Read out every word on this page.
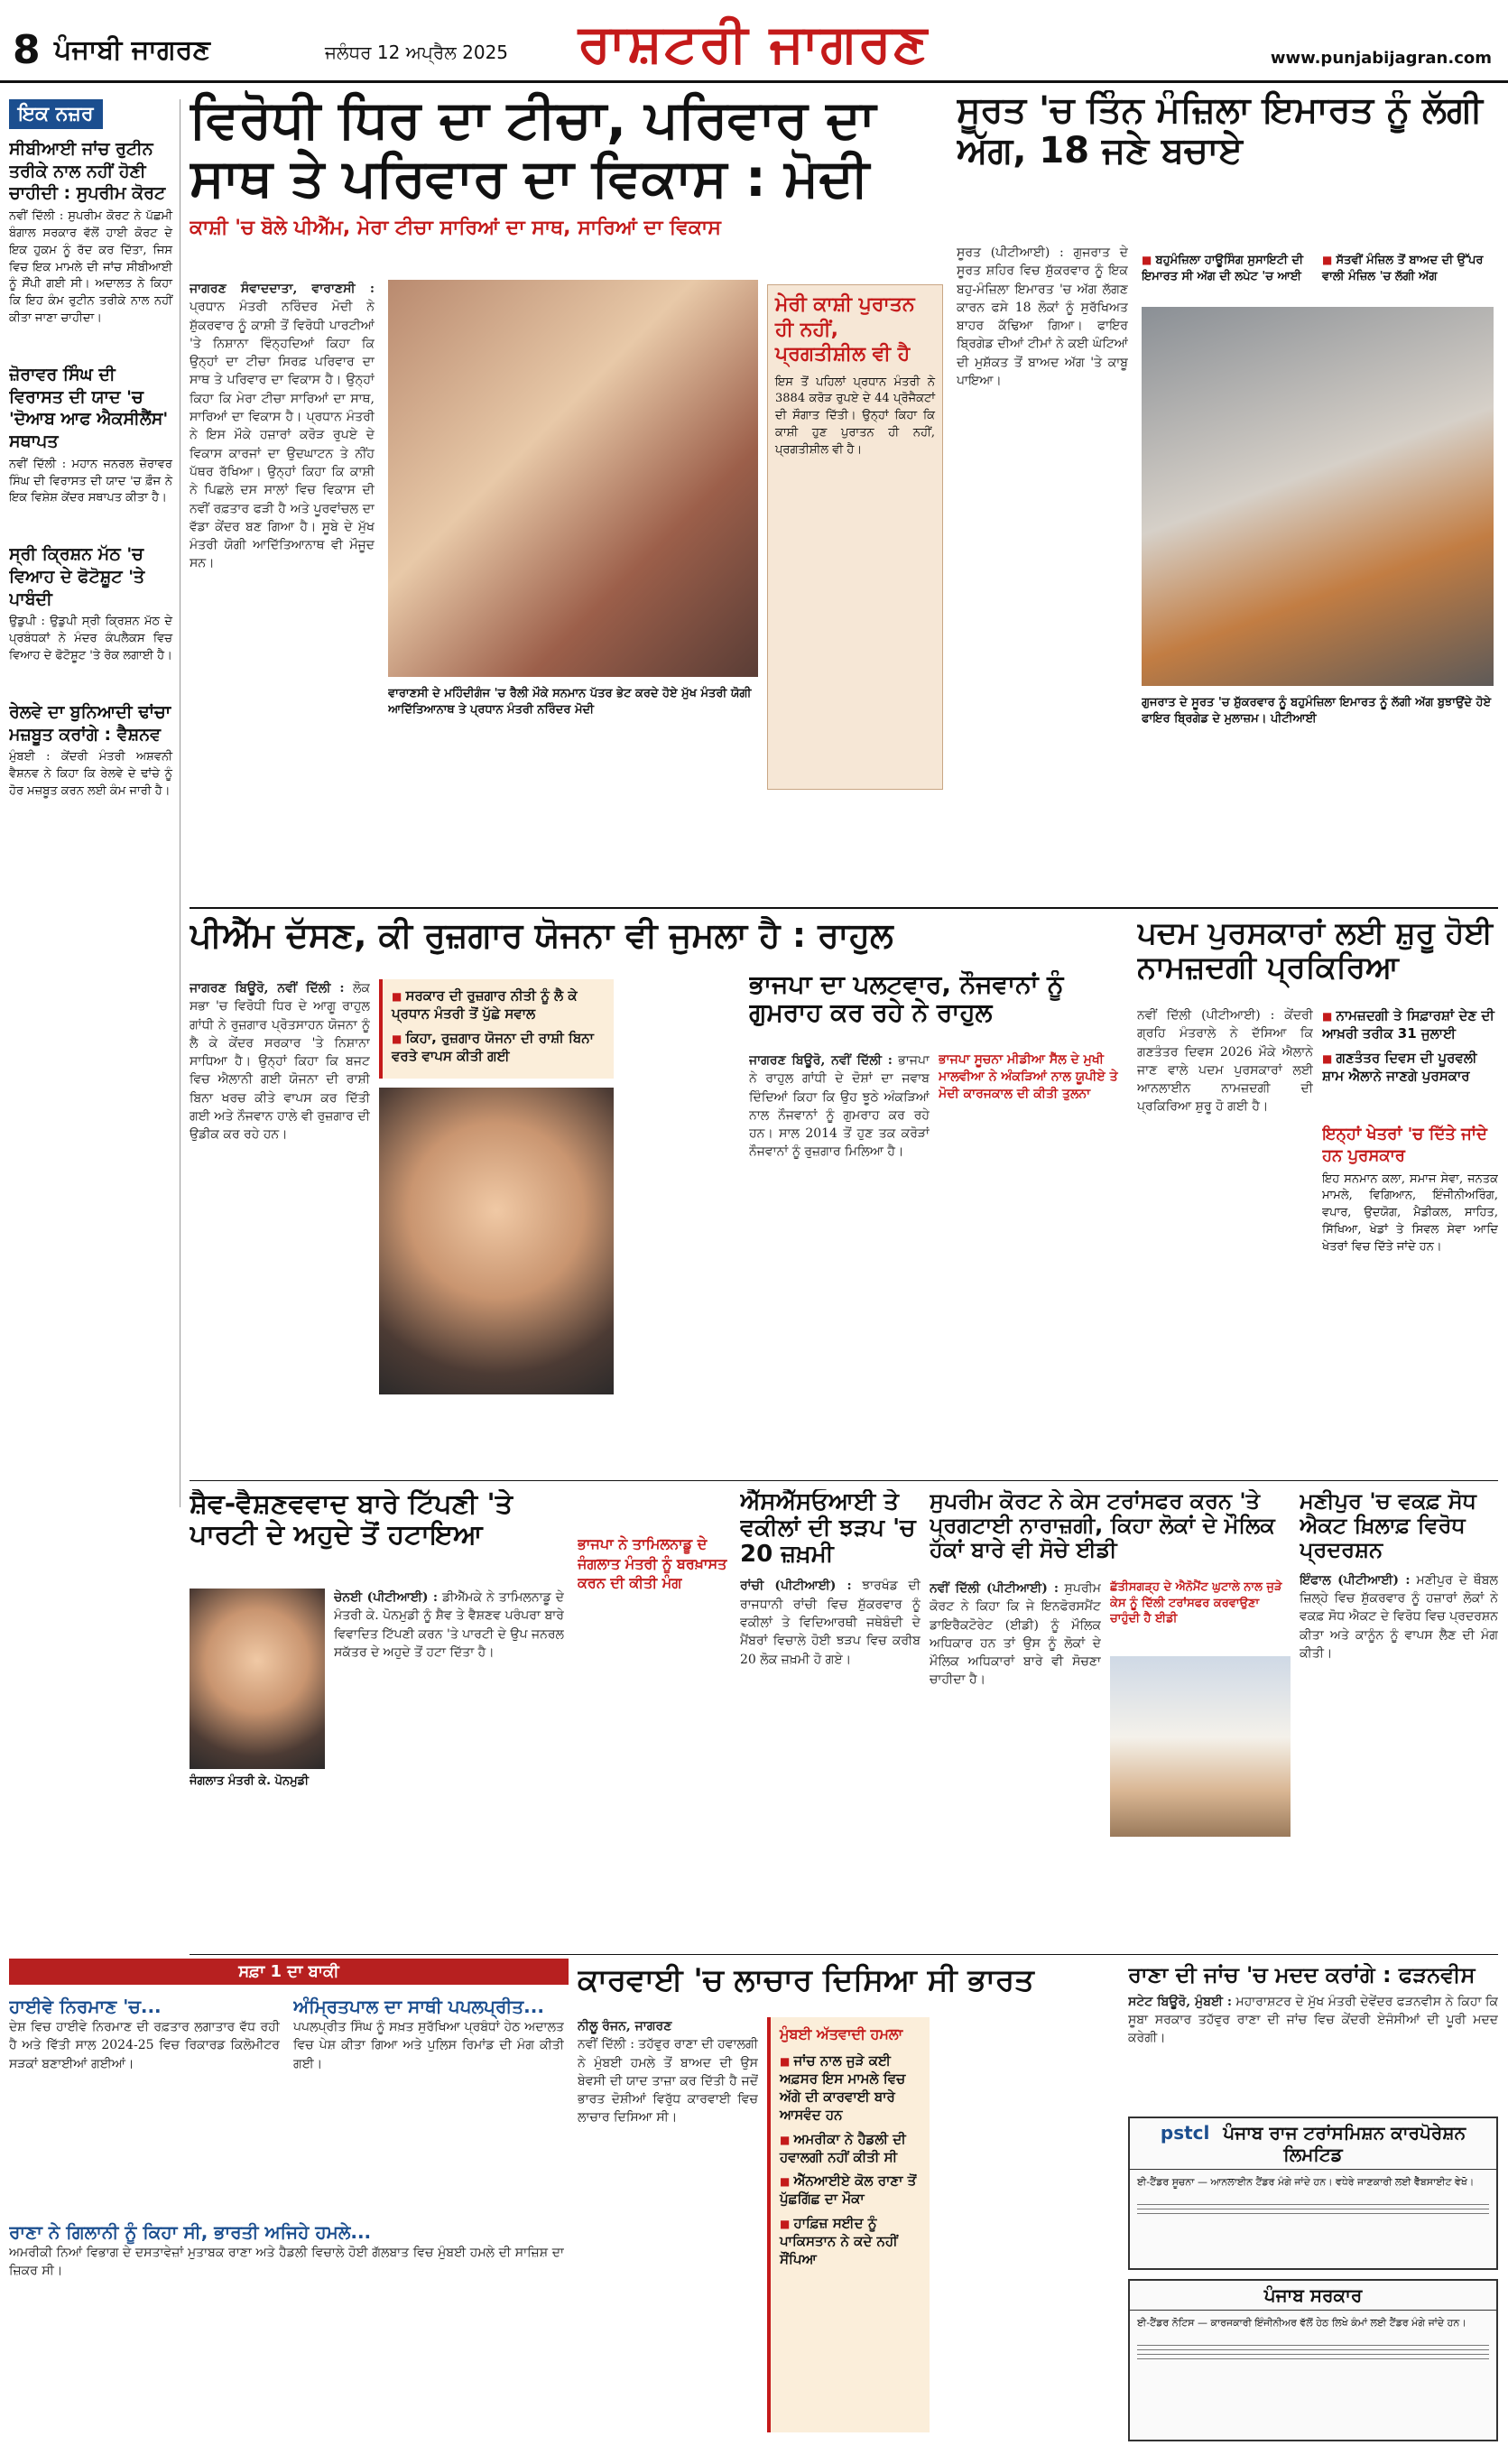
8 ਪੰਜਾਬੀ ਜਾਗਰਣ	ਜਲੰਧਰ 12 ਅਪ੍ਰੈਲ 2025	ਰਾਸ਼ਟਰੀ ਜਾਗਰਣ	www.punjabijagran.com
ਇਕ ਨਜ਼ਰ
ਸੀਬੀਆਈ ਜਾਂਚ ਰੁਟੀਨ ਤਰੀਕੇ ਨਾਲ ਨਹੀਂ ਹੋਣੀ ਚਾਹੀਦੀ : ਸੁਪਰੀਮ ਕੋਰਟ
ਨਵੀਂ ਦਿੱਲੀ : ਸੁਪਰੀਮ ਕੋਰਟ ਨੇ ਪੱਛਮੀ ਬੰਗਾਲ ਸਰਕਾਰ ਵੱਲੋਂ ਹਾਈ ਕੋਰਟ ਦੇ ਇਕ ਹੁਕਮ ਨੂੰ ਰੱਦ ਕਰ ਦਿੱਤਾ, ਜਿਸ ਵਿਚ ਇਕ ਮਾਮਲੇ ਦੀ ਜਾਂਚ ਸੀਬੀਆਈ ਨੂੰ ਸੌਂਪੀ ਗਈ ਸੀ। ਅਦਾਲਤ ਨੇ ਕਿਹਾ ਕਿ ਇਹ ਕੰਮ ਰੁਟੀਨ ਤਰੀਕੇ ਨਾਲ ਨਹੀਂ ਕੀਤਾ ਜਾਣਾ ਚਾਹੀਦਾ।
ਜ਼ੋਰਾਵਰ ਸਿੰਘ ਦੀ ਵਿਰਾਸਤ ਦੀ ਯਾਦ 'ਚ 'ਦੋਆਬ ਆਫ ਐਕਸੀਲੈਂਸ' ਸਥਾਪਤ
ਨਵੀਂ ਦਿੱਲੀ : ਮਹਾਨ ਜਨਰਲ ਜ਼ੋਰਾਵਰ ਸਿੰਘ ਦੀ ਵਿਰਾਸਤ ਦੀ ਯਾਦ 'ਚ ਫ਼ੌਜ ਨੇ ਇਕ ਵਿਸ਼ੇਸ਼ ਕੇਂਦਰ ਸਥਾਪਤ ਕੀਤਾ ਹੈ।
ਸ੍ਰੀ ਕ੍ਰਿਸ਼ਨ ਮੱਠ 'ਚ ਵਿਆਹ ਦੇ ਫੋਟੋਸ਼ੂਟ 'ਤੇ ਪਾਬੰਦੀ
ਉਡੁਪੀ : ਉਡੁਪੀ ਸ੍ਰੀ ਕ੍ਰਿਸ਼ਨ ਮੱਠ ਦੇ ਪ੍ਰਬੰਧਕਾਂ ਨੇ ਮੰਦਰ ਕੰਪਲੈਕਸ ਵਿਚ ਵਿਆਹ ਦੇ ਫੋਟੋਸ਼ੂਟ 'ਤੇ ਰੋਕ ਲਗਾਈ ਹੈ।
ਰੇਲਵੇ ਦਾ ਬੁਨਿਆਦੀ ਢਾਂਚਾ ਮਜ਼ਬੂਤ ਕਰਾਂਗੇ : ਵੈਸ਼ਨਵ
ਮੁੰਬਈ : ਕੇਂਦਰੀ ਮੰਤਰੀ ਅਸ਼ਵਨੀ ਵੈਸ਼ਨਵ ਨੇ ਕਿਹਾ ਕਿ ਰੇਲਵੇ ਦੇ ਢਾਂਚੇ ਨੂੰ ਹੋਰ ਮਜ਼ਬੂਤ ਕਰਨ ਲਈ ਕੰਮ ਜਾਰੀ ਹੈ।
ਵਿਰੋਧੀ ਧਿਰ ਦਾ ਟੀਚਾ, ਪਰਿਵਾਰ ਦਾ ਸਾਥ ਤੇ ਪਰਿਵਾਰ ਦਾ ਵਿਕਾਸ : ਮੋਦੀ
ਕਾਸ਼ੀ 'ਚ ਬੋਲੇ ਪੀਐੱਮ, ਮੇਰਾ ਟੀਚਾ ਸਾਰਿਆਂ ਦਾ ਸਾਥ, ਸਾਰਿਆਂ ਦਾ ਵਿਕਾਸ
ਜਾਗਰਣ ਸੰਵਾਦਦਾਤਾ, ਵਾਰਾਣਸੀ : ਪ੍ਰਧਾਨ ਮੰਤਰੀ ਨਰਿੰਦਰ ਮੋਦੀ ਨੇ ਸ਼ੁੱਕਰਵਾਰ ਨੂੰ ਕਾਸ਼ੀ ਤੋਂ ਵਿਰੋਧੀ ਪਾਰਟੀਆਂ 'ਤੇ ਨਿਸ਼ਾਨਾ ਵਿੰਨ੍ਹਦਿਆਂ ਕਿਹਾ ਕਿ ਉਨ੍ਹਾਂ ਦਾ ਟੀਚਾ ਸਿਰਫ਼ ਪਰਿਵਾਰ ਦਾ ਸਾਥ ਤੇ ਪਰਿਵਾਰ ਦਾ ਵਿਕਾਸ ਹੈ। ਉਨ੍ਹਾਂ ਕਿਹਾ ਕਿ ਮੇਰਾ ਟੀਚਾ ਸਾਰਿਆਂ ਦਾ ਸਾਥ, ਸਾਰਿਆਂ ਦਾ ਵਿਕਾਸ ਹੈ। ਪ੍ਰਧਾਨ ਮੰਤਰੀ ਨੇ ਇਸ ਮੌਕੇ ਹਜ਼ਾਰਾਂ ਕਰੋੜ ਰੁਪਏ ਦੇ ਵਿਕਾਸ ਕਾਰਜਾਂ ਦਾ ਉਦਘਾਟਨ ਤੇ ਨੀਂਹ ਪੱਥਰ ਰੱਖਿਆ। ਉਨ੍ਹਾਂ ਕਿਹਾ ਕਿ ਕਾਸ਼ੀ ਨੇ ਪਿਛਲੇ ਦਸ ਸਾਲਾਂ ਵਿਚ ਵਿਕਾਸ ਦੀ ਨਵੀਂ ਰਫ਼ਤਾਰ ਫੜੀ ਹੈ ਅਤੇ ਪੂਰਵਾਂਚਲ ਦਾ ਵੱਡਾ ਕੇਂਦਰ ਬਣ ਗਿਆ ਹੈ। ਸੂਬੇ ਦੇ ਮੁੱਖ ਮੰਤਰੀ ਯੋਗੀ ਆਦਿੱਤਿਆਨਾਥ ਵੀ ਮੌਜੂਦ ਸਨ।
ਵਾਰਾਣਸੀ ਦੇ ਮਹਿੰਦੀਗੰਜ 'ਚ ਰੈਲੀ ਮੌਕੇ ਸਨਮਾਨ ਪੱਤਰ ਭੇਟ ਕਰਦੇ ਹੋਏ ਮੁੱਖ ਮੰਤਰੀ ਯੋਗੀ ਆਦਿੱਤਿਆਨਾਥ ਤੇ ਪ੍ਰਧਾਨ ਮੰਤਰੀ ਨਰਿੰਦਰ ਮੋਦੀ
ਮੇਰੀ ਕਾਸ਼ੀ ਪੁਰਾਤਨ ਹੀ ਨਹੀਂ, ਪ੍ਰਗਤੀਸ਼ੀਲ ਵੀ ਹੈ
ਇਸ ਤੋਂ ਪਹਿਲਾਂ ਪ੍ਰਧਾਨ ਮੰਤਰੀ ਨੇ 3884 ਕਰੋੜ ਰੁਪਏ ਦੇ 44 ਪ੍ਰੋਜੈਕਟਾਂ ਦੀ ਸੌਗਾਤ ਦਿੱਤੀ। ਉਨ੍ਹਾਂ ਕਿਹਾ ਕਿ ਕਾਸ਼ੀ ਹੁਣ ਪੁਰਾਤਨ ਹੀ ਨਹੀਂ, ਪ੍ਰਗਤੀਸ਼ੀਲ ਵੀ ਹੈ।
ਸੂਰਤ 'ਚ ਤਿੰਨ ਮੰਜ਼ਿਲਾ ਇਮਾਰਤ ਨੂੰ ਲੱਗੀ ਅੱਗ, 18 ਜਣੇ ਬਚਾਏ
ਸੂਰਤ (ਪੀਟੀਆਈ) : ਗੁਜਰਾਤ ਦੇ ਸੂਰਤ ਸ਼ਹਿਰ ਵਿਚ ਸ਼ੁੱਕਰਵਾਰ ਨੂੰ ਇਕ ਬਹੁ-ਮੰਜ਼ਿਲਾ ਇਮਾਰਤ 'ਚ ਅੱਗ ਲੱਗਣ ਕਾਰਨ ਫਸੇ 18 ਲੋਕਾਂ ਨੂੰ ਸੁਰੱਖਿਅਤ ਬਾਹਰ ਕੱਢਿਆ ਗਿਆ। ਫਾਇਰ ਬ੍ਰਿਗੇਡ ਦੀਆਂ ਟੀਮਾਂ ਨੇ ਕਈ ਘੰਟਿਆਂ ਦੀ ਮੁਸ਼ੱਕਤ ਤੋਂ ਬਾਅਦ ਅੱਗ 'ਤੇ ਕਾਬੂ ਪਾਇਆ।
■ ਬਹੁਮੰਜ਼ਿਲਾ ਹਾਊਸਿੰਗ ਸੁਸਾਇਟੀ ਦੀ ਇਮਾਰਤ ਸੀ ਅੱਗ ਦੀ ਲਪੇਟ 'ਚ ਆਈ
■ ਸੱਤਵੀਂ ਮੰਜ਼ਿਲ ਤੋਂ ਬਾਅਦ ਦੀ ਉੱਪਰ ਵਾਲੀ ਮੰਜ਼ਿਲ 'ਚ ਲੱਗੀ ਅੱਗ
ਗੁਜਰਾਤ ਦੇ ਸੂਰਤ 'ਚ ਸ਼ੁੱਕਰਵਾਰ ਨੂੰ ਬਹੁਮੰਜ਼ਿਲਾ ਇਮਾਰਤ ਨੂੰ ਲੱਗੀ ਅੱਗ ਬੁਝਾਉਂਦੇ ਹੋਏ ਫਾਇਰ ਬ੍ਰਿਗੇਡ ਦੇ ਮੁਲਾਜ਼ਮ। ਪੀਟੀਆਈ
ਪੀਐੱਮ ਦੱਸਣ, ਕੀ ਰੁਜ਼ਗਾਰ ਯੋਜਨਾ ਵੀ ਜੁਮਲਾ ਹੈ : ਰਾਹੁਲ
ਜਾਗਰਣ ਬਿਊਰੋ, ਨਵੀਂ ਦਿੱਲੀ : ਲੋਕ ਸਭਾ 'ਚ ਵਿਰੋਧੀ ਧਿਰ ਦੇ ਆਗੂ ਰਾਹੁਲ ਗਾਂਧੀ ਨੇ ਰੁਜ਼ਗਾਰ ਪ੍ਰੋਤਸਾਹਨ ਯੋਜਨਾ ਨੂੰ ਲੈ ਕੇ ਕੇਂਦਰ ਸਰਕਾਰ 'ਤੇ ਨਿਸ਼ਾਨਾ ਸਾਧਿਆ ਹੈ। ਉਨ੍ਹਾਂ ਕਿਹਾ ਕਿ ਬਜਟ ਵਿਚ ਐਲਾਨੀ ਗਈ ਯੋਜਨਾ ਦੀ ਰਾਸ਼ੀ ਬਿਨਾ ਖਰਚ ਕੀਤੇ ਵਾਪਸ ਕਰ ਦਿੱਤੀ ਗਈ ਅਤੇ ਨੌਜਵਾਨ ਹਾਲੇ ਵੀ ਰੁਜ਼ਗਾਰ ਦੀ ਉਡੀਕ ਕਰ ਰਹੇ ਹਨ।
■ ਸਰਕਾਰ ਦੀ ਰੁਜ਼ਗਾਰ ਨੀਤੀ ਨੂੰ ਲੈ ਕੇ ਪ੍ਰਧਾਨ ਮੰਤਰੀ ਤੋਂ ਪੁੱਛੇ ਸਵਾਲ
■ ਕਿਹਾ, ਰੁਜ਼ਗਾਰ ਯੋਜਨਾ ਦੀ ਰਾਸ਼ੀ ਬਿਨਾ ਵਰਤੇ ਵਾਪਸ ਕੀਤੀ ਗਈ
ਭਾਜਪਾ ਦਾ ਪਲਟਵਾਰ, ਨੌਜਵਾਨਾਂ ਨੂੰ ਗੁਮਰਾਹ ਕਰ ਰਹੇ ਨੇ ਰਾਹੁਲ
ਜਾਗਰਣ ਬਿਊਰੋ, ਨਵੀਂ ਦਿੱਲੀ : ਭਾਜਪਾ ਨੇ ਰਾਹੁਲ ਗਾਂਧੀ ਦੇ ਦੋਸ਼ਾਂ ਦਾ ਜਵਾਬ ਦਿੰਦਿਆਂ ਕਿਹਾ ਕਿ ਉਹ ਝੂਠੇ ਅੰਕੜਿਆਂ ਨਾਲ ਨੌਜਵਾਨਾਂ ਨੂੰ ਗੁਮਰਾਹ ਕਰ ਰਹੇ ਹਨ। ਸਾਲ 2014 ਤੋਂ ਹੁਣ ਤਕ ਕਰੋੜਾਂ ਨੌਜਵਾਨਾਂ ਨੂੰ ਰੁਜ਼ਗਾਰ ਮਿਲਿਆ ਹੈ।
ਭਾਜਪਾ ਸੂਚਨਾ ਮੀਡੀਆ ਸੈੱਲ ਦੇ ਮੁਖੀ ਮਾਲਵੀਆ ਨੇ ਅੰਕੜਿਆਂ ਨਾਲ ਯੂਪੀਏ ਤੇ ਮੋਦੀ ਕਾਰਜਕਾਲ ਦੀ ਕੀਤੀ ਤੁਲਨਾ
ਪਦਮ ਪੁਰਸਕਾਰਾਂ ਲਈ ਸ਼ੁਰੂ ਹੋਈ ਨਾਮਜ਼ਦਗੀ ਪ੍ਰਕਿਰਿਆ
ਨਵੀਂ ਦਿੱਲੀ (ਪੀਟੀਆਈ) : ਕੇਂਦਰੀ ਗ੍ਰਹਿ ਮੰਤਰਾਲੇ ਨੇ ਦੱਸਿਆ ਕਿ ਗਣਤੰਤਰ ਦਿਵਸ 2026 ਮੌਕੇ ਐਲਾਨੇ ਜਾਣ ਵਾਲੇ ਪਦਮ ਪੁਰਸਕਾਰਾਂ ਲਈ ਆਨਲਾਈਨ ਨਾਮਜ਼ਦਗੀ ਦੀ ਪ੍ਰਕਿਰਿਆ ਸ਼ੁਰੂ ਹੋ ਗਈ ਹੈ।
■ ਨਾਮਜ਼ਦਗੀ ਤੇ ਸਿਫ਼ਾਰਸ਼ਾਂ ਦੇਣ ਦੀ ਆਖ਼ਰੀ ਤਰੀਕ 31 ਜੁਲਾਈ
■ ਗਣਤੰਤਰ ਦਿਵਸ ਦੀ ਪੂਰਵਲੀ ਸ਼ਾਮ ਐਲਾਨੇ ਜਾਣਗੇ ਪੁਰਸਕਾਰ
ਇਨ੍ਹਾਂ ਖੇਤਰਾਂ 'ਚ ਦਿੱਤੇ ਜਾਂਦੇ ਹਨ ਪੁਰਸਕਾਰ
ਇਹ ਸਨਮਾਨ ਕਲਾ, ਸਮਾਜ ਸੇਵਾ, ਜਨਤਕ ਮਾਮਲੇ, ਵਿਗਿਆਨ, ਇੰਜੀਨੀਅਰਿੰਗ, ਵਪਾਰ, ਉਦਯੋਗ, ਮੈਡੀਕਲ, ਸਾਹਿਤ, ਸਿੱਖਿਆ, ਖੇਡਾਂ ਤੇ ਸਿਵਲ ਸੇਵਾ ਆਦਿ ਖੇਤਰਾਂ ਵਿਚ ਦਿੱਤੇ ਜਾਂਦੇ ਹਨ।
ਸ਼ੈਵ-ਵੈਸ਼ਣਵਵਾਦ ਬਾਰੇ ਟਿੱਪਣੀ 'ਤੇ ਪਾਰਟੀ ਦੇ ਅਹੁਦੇ ਤੋਂ ਹਟਾਇਆ
ਜੰਗਲਾਤ ਮੰਤਰੀ ਕੇ. ਪੋਨਮੁਡੀ
ਚੇਨਈ (ਪੀਟੀਆਈ) : ਡੀਐੱਮਕੇ ਨੇ ਤਾਮਿਲਨਾਡੂ ਦੇ ਮੰਤਰੀ ਕੇ. ਪੋਨਮੁਡੀ ਨੂੰ ਸ਼ੈਵ ਤੇ ਵੈਸ਼ਣਵ ਪਰੰਪਰਾ ਬਾਰੇ ਵਿਵਾਦਿਤ ਟਿੱਪਣੀ ਕਰਨ 'ਤੇ ਪਾਰਟੀ ਦੇ ਉਪ ਜਨਰਲ ਸਕੱਤਰ ਦੇ ਅਹੁਦੇ ਤੋਂ ਹਟਾ ਦਿੱਤਾ ਹੈ।
ਭਾਜਪਾ ਨੇ ਤਾਮਿਲਨਾਡੂ ਦੇ ਜੰਗਲਾਤ ਮੰਤਰੀ ਨੂੰ ਬਰਖ਼ਾਸਤ ਕਰਨ ਦੀ ਕੀਤੀ ਮੰਗ
ਐੱਸਐੱਸਓਆਈ ਤੇ ਵਕੀਲਾਂ ਦੀ ਝੜਪ 'ਚ 20 ਜ਼ਖ਼ਮੀ
ਰਾਂਚੀ (ਪੀਟੀਆਈ) : ਝਾਰਖੰਡ ਦੀ ਰਾਜਧਾਨੀ ਰਾਂਚੀ ਵਿਚ ਸ਼ੁੱਕਰਵਾਰ ਨੂੰ ਵਕੀਲਾਂ ਤੇ ਵਿਦਿਆਰਥੀ ਜਥੇਬੰਦੀ ਦੇ ਮੈਂਬਰਾਂ ਵਿਚਾਲੇ ਹੋਈ ਝੜਪ ਵਿਚ ਕਰੀਬ 20 ਲੋਕ ਜ਼ਖ਼ਮੀ ਹੋ ਗਏ।
ਸੁਪਰੀਮ ਕੋਰਟ ਨੇ ਕੇਸ ਟਰਾਂਸਫਰ ਕਰਨ 'ਤੇ ਪ੍ਰਗਟਾਈ ਨਾਰਾਜ਼ਗੀ, ਕਿਹਾ ਲੋਕਾਂ ਦੇ ਮੌਲਿਕ ਹੱਕਾਂ ਬਾਰੇ ਵੀ ਸੋਚੇ ਈਡੀ
ਨਵੀਂ ਦਿੱਲੀ (ਪੀਟੀਆਈ) : ਸੁਪਰੀਮ ਕੋਰਟ ਨੇ ਕਿਹਾ ਕਿ ਜੇ ਇਨਫੋਰਸਮੈਂਟ ਡਾਇਰੈਕਟੋਰੇਟ (ਈਡੀ) ਨੂੰ ਮੌਲਿਕ ਅਧਿਕਾਰ ਹਨ ਤਾਂ ਉਸ ਨੂੰ ਲੋਕਾਂ ਦੇ ਮੌਲਿਕ ਅਧਿਕਾਰਾਂ ਬਾਰੇ ਵੀ ਸੋਚਣਾ ਚਾਹੀਦਾ ਹੈ।
ਛੱਤੀਸਗੜ੍ਹ ਦੇ ਐਨੋਮੈਂਟ ਘੁਟਾਲੇ ਨਾਲ ਜੁੜੇ ਕੇਸ ਨੂੰ ਦਿੱਲੀ ਟਰਾਂਸਫਰ ਕਰਵਾਉਣਾ ਚਾਹੁੰਦੀ ਹੈ ਈਡੀ
ਮਣੀਪੁਰ 'ਚ ਵਕਫ਼ ਸੋਧ ਐਕਟ ਖ਼ਿਲਾਫ਼ ਵਿਰੋਧ ਪ੍ਰਦਰਸ਼ਨ
ਇੰਫਾਲ (ਪੀਟੀਆਈ) : ਮਣੀਪੁਰ ਦੇ ਥੌਬਲ ਜ਼ਿਲ੍ਹੇ ਵਿਚ ਸ਼ੁੱਕਰਵਾਰ ਨੂੰ ਹਜ਼ਾਰਾਂ ਲੋਕਾਂ ਨੇ ਵਕਫ਼ ਸੋਧ ਐਕਟ ਦੇ ਵਿਰੋਧ ਵਿਚ ਪ੍ਰਦਰਸ਼ਨ ਕੀਤਾ ਅਤੇ ਕਾਨੂੰਨ ਨੂੰ ਵਾਪਸ ਲੈਣ ਦੀ ਮੰਗ ਕੀਤੀ।
ਸਫ਼ਾ 1 ਦਾ ਬਾਕੀ
ਹਾਈਵੇ ਨਿਰਮਾਣ 'ਚ...
ਦੇਸ਼ ਵਿਚ ਹਾਈਵੇ ਨਿਰਮਾਣ ਦੀ ਰਫ਼ਤਾਰ ਲਗਾਤਾਰ ਵੱਧ ਰਹੀ ਹੈ ਅਤੇ ਵਿੱਤੀ ਸਾਲ 2024-25 ਵਿਚ ਰਿਕਾਰਡ ਕਿਲੋਮੀਟਰ ਸੜਕਾਂ ਬਣਾਈਆਂ ਗਈਆਂ।
ਅੰਮ੍ਰਿਤਪਾਲ ਦਾ ਸਾਥੀ ਪਪਲਪ੍ਰੀਤ...
ਪਪਲਪ੍ਰੀਤ ਸਿੰਘ ਨੂੰ ਸਖ਼ਤ ਸੁਰੱਖਿਆ ਪ੍ਰਬੰਧਾਂ ਹੇਠ ਅਦਾਲਤ ਵਿਚ ਪੇਸ਼ ਕੀਤਾ ਗਿਆ ਅਤੇ ਪੁਲਿਸ ਰਿਮਾਂਡ ਦੀ ਮੰਗ ਕੀਤੀ ਗਈ।
ਰਾਣਾ ਨੇ ਗਿਲਾਨੀ ਨੂੰ ਕਿਹਾ ਸੀ, ਭਾਰਤੀ ਅਜਿਹੇ ਹਮਲੇ...
ਅਮਰੀਕੀ ਨਿਆਂ ਵਿਭਾਗ ਦੇ ਦਸਤਾਵੇਜ਼ਾਂ ਮੁਤਾਬਕ ਰਾਣਾ ਅਤੇ ਹੈਡਲੀ ਵਿਚਾਲੇ ਹੋਈ ਗੱਲਬਾਤ ਵਿਚ ਮੁੰਬਈ ਹਮਲੇ ਦੀ ਸਾਜ਼ਿਸ਼ ਦਾ ਜ਼ਿਕਰ ਸੀ।
ਕਾਰਵਾਈ 'ਚ ਲਾਚਾਰ ਦਿਸਿਆ ਸੀ ਭਾਰਤ
ਨੀਲੂ ਰੰਜਨ, ਜਾਗਰਣ
ਨਵੀਂ ਦਿੱਲੀ : ਤਹੱਵੁਰ ਰਾਣਾ ਦੀ ਹਵਾਲਗੀ ਨੇ ਮੁੰਬਈ ਹਮਲੇ ਤੋਂ ਬਾਅਦ ਦੀ ਉਸ ਬੇਵਸੀ ਦੀ ਯਾਦ ਤਾਜ਼ਾ ਕਰ ਦਿੱਤੀ ਹੈ ਜਦੋਂ ਭਾਰਤ ਦੋਸ਼ੀਆਂ ਵਿਰੁੱਧ ਕਾਰਵਾਈ ਵਿਚ ਲਾਚਾਰ ਦਿਸਿਆ ਸੀ।
ਮੁੰਬਈ ਅੱਤਵਾਦੀ ਹਮਲਾ
■ ਜਾਂਚ ਨਾਲ ਜੁੜੇ ਕਈ ਅਫ਼ਸਰ ਇਸ ਮਾਮਲੇ ਵਿਚ ਅੱਗੇ ਦੀ ਕਾਰਵਾਈ ਬਾਰੇ ਆਸਵੰਦ ਹਨ
■ ਅਮਰੀਕਾ ਨੇ ਹੈਡਲੀ ਦੀ ਹਵਾਲਗੀ ਨਹੀਂ ਕੀਤੀ ਸੀ
■ ਐੱਨਆਈਏ ਕੋਲ ਰਾਣਾ ਤੋਂ ਪੁੱਛਗਿੱਛ ਦਾ ਮੌਕਾ
■ ਹਾਫ਼ਿਜ਼ ਸਈਦ ਨੂੰ ਪਾਕਿਸਤਾਨ ਨੇ ਕਦੇ ਨਹੀਂ ਸੌਂਪਿਆ
ਰਾਣਾ ਦੀ ਜਾਂਚ 'ਚ ਮਦਦ ਕਰਾਂਗੇ : ਫੜਨਵੀਸ
ਸਟੇਟ ਬਿਊਰੋ, ਮੁੰਬਈ : ਮਹਾਰਾਸ਼ਟਰ ਦੇ ਮੁੱਖ ਮੰਤਰੀ ਦੇਵੇਂਦਰ ਫੜਨਵੀਸ ਨੇ ਕਿਹਾ ਕਿ ਸੂਬਾ ਸਰਕਾਰ ਤਹੱਵੁਰ ਰਾਣਾ ਦੀ ਜਾਂਚ ਵਿਚ ਕੇਂਦਰੀ ਏਜੰਸੀਆਂ ਦੀ ਪੂਰੀ ਮਦਦ ਕਰੇਗੀ।
pstcl ਪੰਜਾਬ ਰਾਜ ਟਰਾਂਸਮਿਸ਼ਨ ਕਾਰਪੋਰੇਸ਼ਨ ਲਿਮਟਿਡ
ਈ-ਟੈਂਡਰ ਸੂਚਨਾ — ਆਨਲਾਈਨ ਟੈਂਡਰ ਮੰਗੇ ਜਾਂਦੇ ਹਨ। ਵਧੇਰੇ ਜਾਣਕਾਰੀ ਲਈ ਵੈੱਬਸਾਈਟ ਵੇਖੋ।
ਪੰਜਾਬ ਸਰਕਾਰ
ਈ-ਟੈਂਡਰ ਨੋਟਿਸ — ਕਾਰਜਕਾਰੀ ਇੰਜੀਨੀਅਰ ਵੱਲੋਂ ਹੇਠ ਲਿਖੇ ਕੰਮਾਂ ਲਈ ਟੈਂਡਰ ਮੰਗੇ ਜਾਂਦੇ ਹਨ।
